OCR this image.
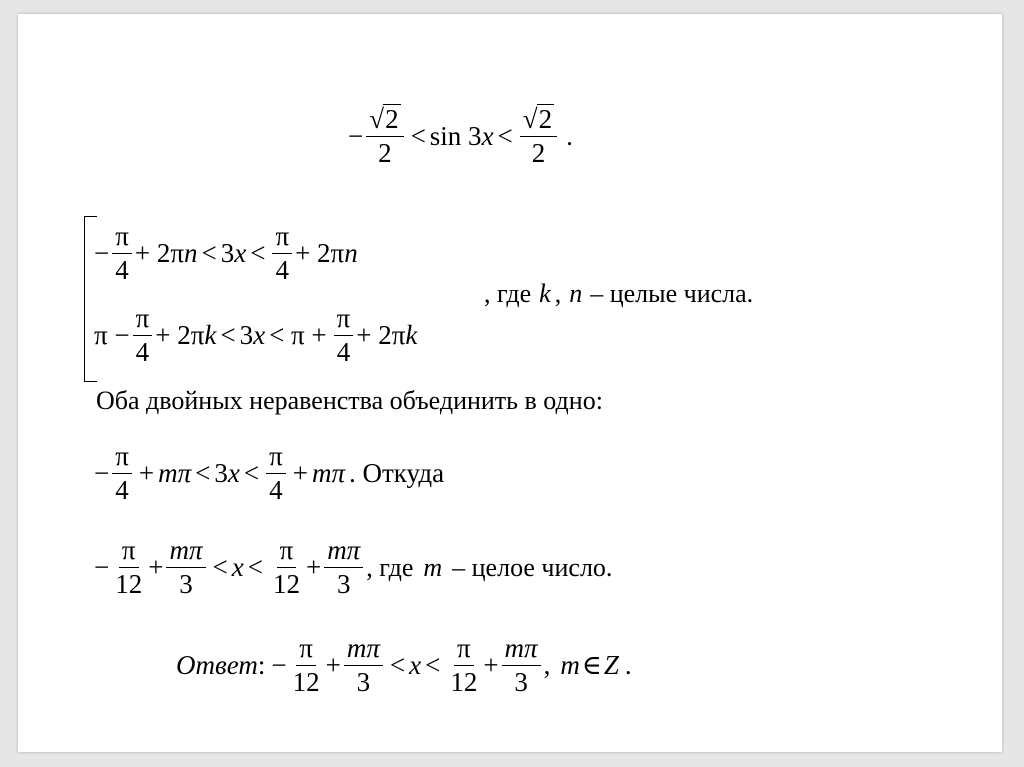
− $\frac{√ 2}{2} < \sin 3$ $x < \frac{√ 2}{2}$ .
− $\frac{\pi}{4} + 2\pi$ n < 3 $x < \frac{\pi}{4} + 2\pi$ n
, где k , n – целые числа.
$\pi - \frac{\pi}{4} + 2\pi$ k < 3 $x < \pi + \frac{\pi}{4} + 2\pi$ k
Оба двойных неравенства объединить в одно:
− $\frac{\pi}{4} + m\pi < 3$ $x < \frac{\pi}{4} + m\pi$ . Откуда
− $\frac{\pi}{12} + \frac{m\pi}{3} < x < \frac{\pi}{12} + \frac{m\pi}{3}$ , где m – целое число.
Ответ : − $\frac{\pi}{12} + \frac{m\pi}{3} < x < \frac{\pi}{12} + \frac{m\pi}{3}$ , m ∈ Z .
